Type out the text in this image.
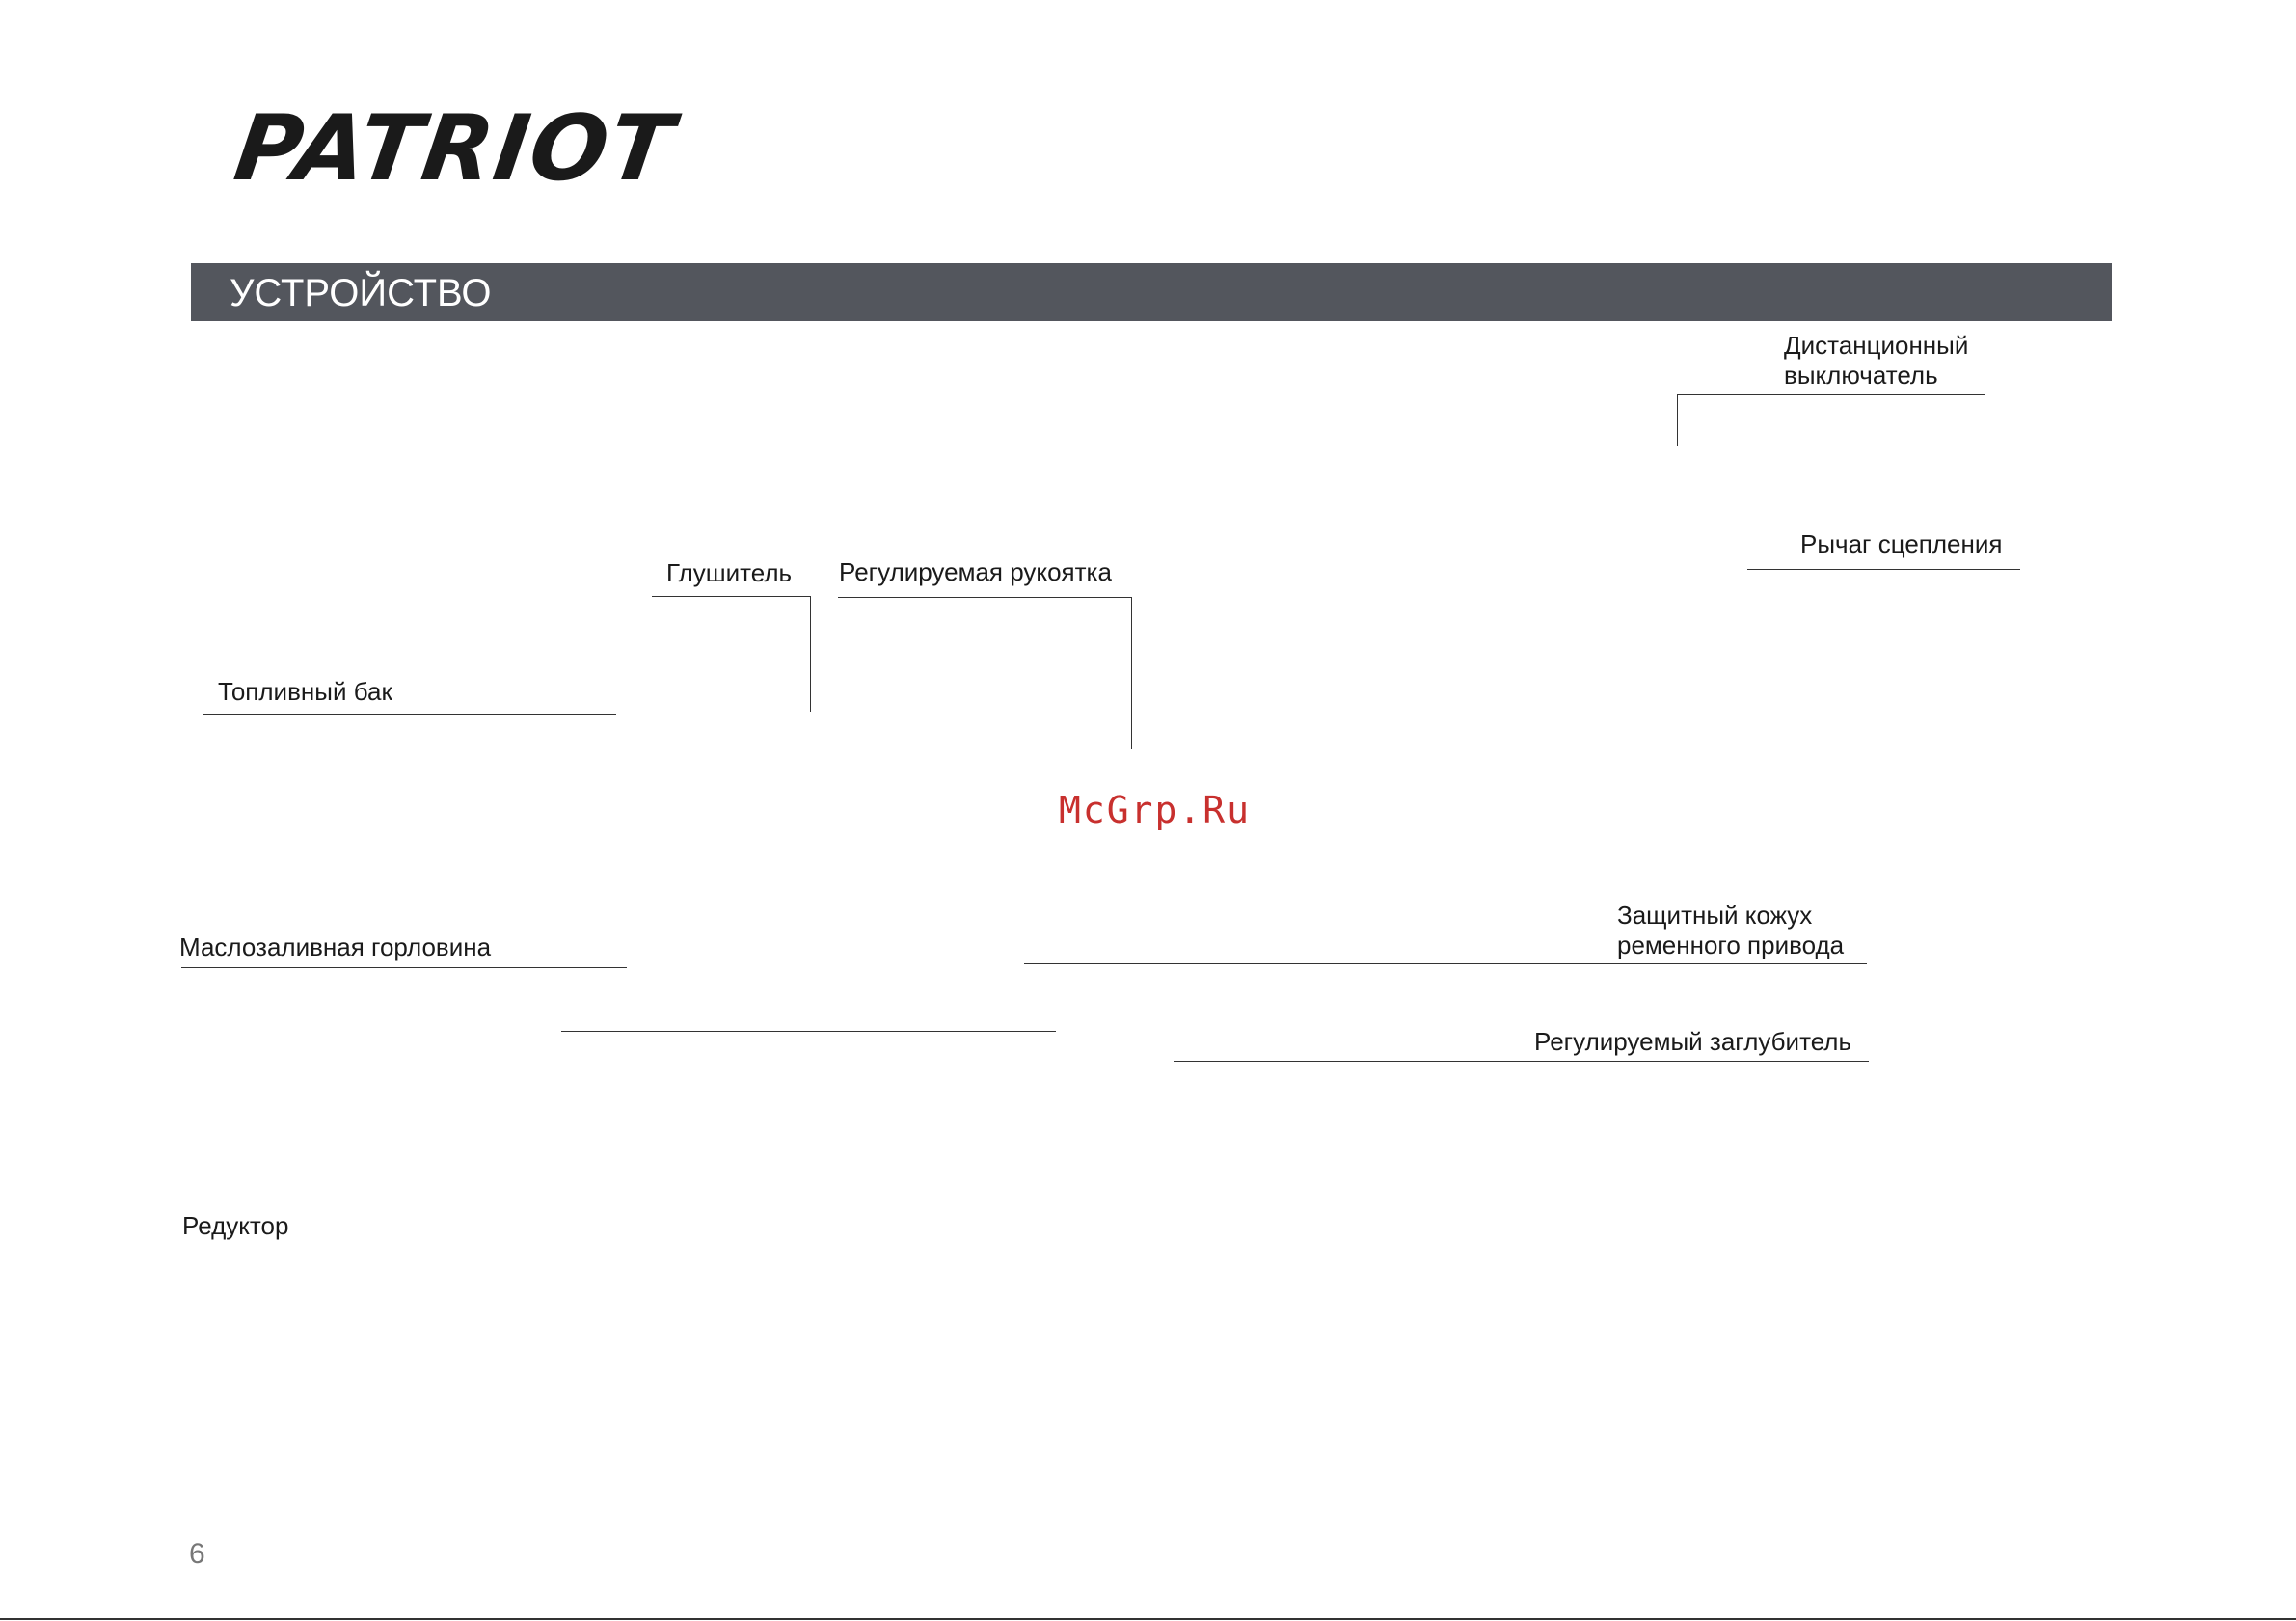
PATRIOT
УСТРОЙСТВО
Дистанционный
выключатель
Рычаг сцепления
Глушитель Регулируемая рукоятка
Топливный бак
McGrp.Ru
Маслозаливная горловина
Защитный кожух
ременного привода
Регулируемый заглубитель
Редуктор
6
